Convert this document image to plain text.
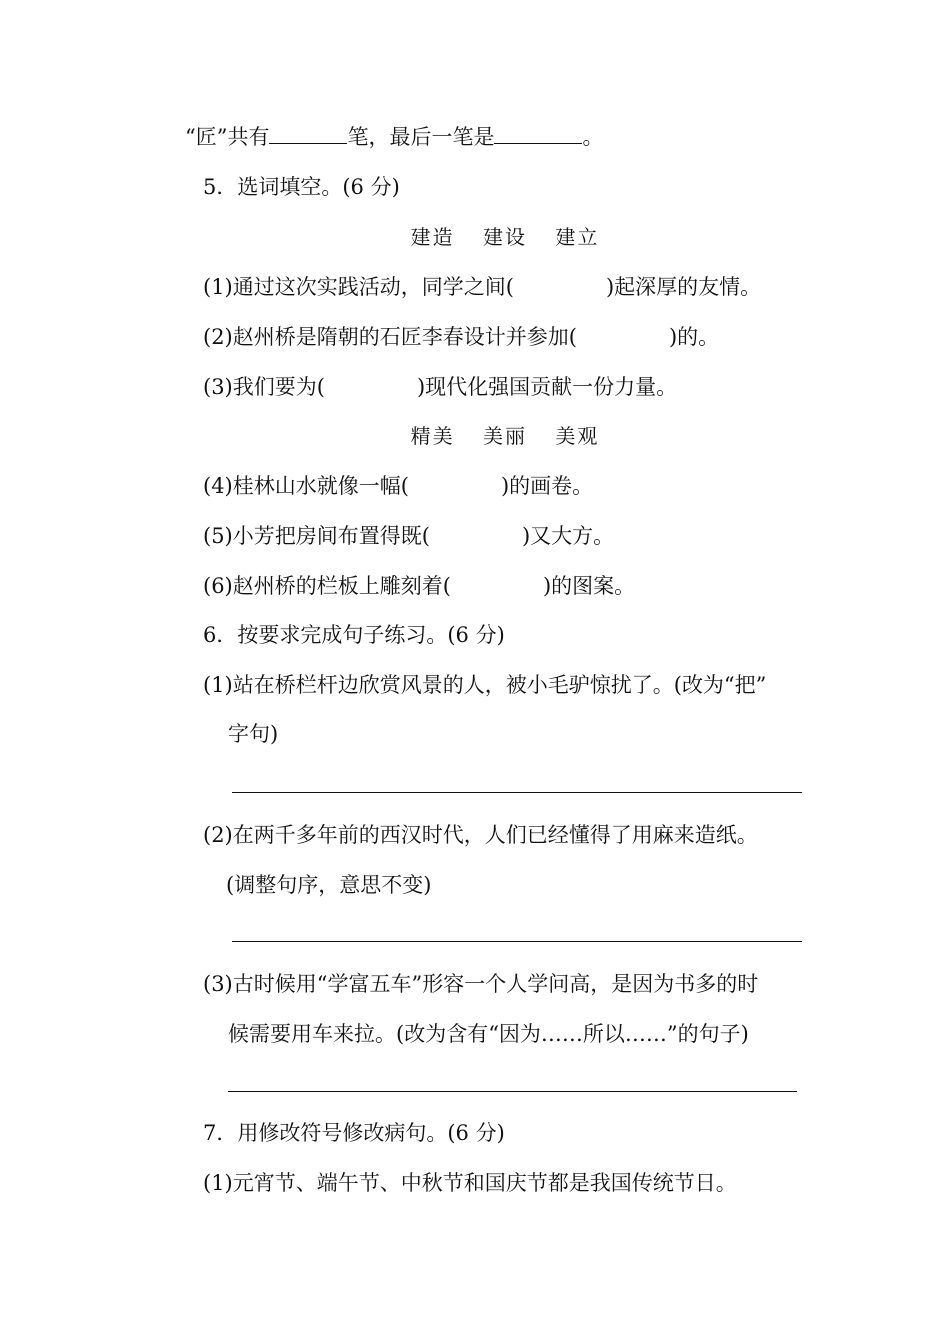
“匠”共有	笔，最后一笔是	。
5．选词填空。(6 分)
建造 建设 建立
(1)通过这次实践活动，同学之间(	)起深厚的友情。
(2)赵州桥是隋朝的石匠李春设计并参加(	)的。
(3)我们要为(	)现代化强国贡献一份力量。
精美 美丽 美观
(4)桂林山水就像一幅(	)的画卷。
(5)小芳把房间布置得既(	)又大方。
(6)赵州桥的栏板上雕刻着(	)的图案。
6．按要求完成句子练习。(6 分)
(1)站在桥栏杆边欣赏风景的人，被小毛驴惊扰了。(改为“把”
字句)
(2)在两千多年前的西汉时代，人们已经懂得了用麻来造纸。
(调整句序，意思不变)
(3)古时候用“学富五车”形容一个人学问高，是因为书多的时
候需要用车来拉。(改为含有“因为……所以……”的句子)
7．用修改符号修改病句。(6 分)
(1)元宵节、端午节、中秋节和国庆节都是我国传统节日。
